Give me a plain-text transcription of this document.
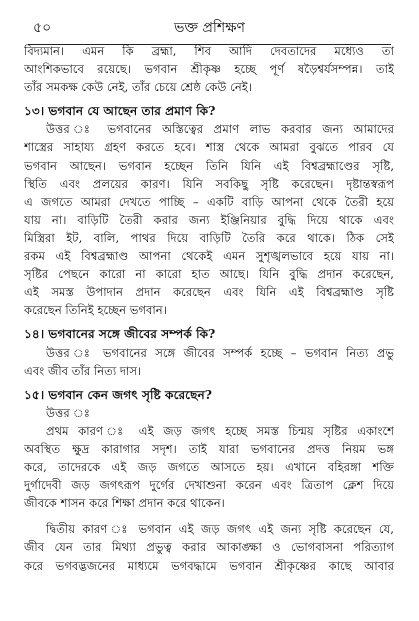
৫০	ভক্ত প্রশিক্ষণ
বিদ্যমান। এমন কি ব্রহ্মা, শিব আদি দেবতাদের মধ্যেও তা
আংশিকভাবে রয়েছে। ভগবান শ্রীকৃষ্ণ হচ্ছে পূর্ণ ষড়ৈশ্বর্যসম্পন্ন। তাই
তাঁর সমকক্ষ কেউ নেই, তাঁর চেয়ে শ্রেষ্ঠ কেউ নেই।
১৩। ভগবান যে আছেন তার প্রমাণ কি?
উত্তর ঃ ভগবানের অস্তিত্বের প্রমাণ লাভ করবার জন্য আমাদের
শাস্ত্রের সাহায্য গ্রহণ করতে হবে। শাস্ত্র থেকে আমরা বুঝতে পারব যে
ভগবান আছেন। ভগবান হচ্ছেন তিনি যিনি এই বিশ্বব্রহ্মাণ্ডের সৃষ্টি,
স্থিতি এবং প্রলয়ের কারণ। যিনি সবকিছু সৃষ্টি করেছেন। দৃষ্টান্তস্বরূপ
এ জগতে আমরা দেখতে পাচ্ছি – একটি বাড়ি আপনা থেকে তৈরী হয়ে
যায় না। বাড়িটি তৈরী করার জন্য ইঞ্জিনিয়ার বুদ্ধি দিয়ে থাকে এবং
মিস্ত্রিরা ইট, বালি, পাথর দিয়ে বাড়িটি তৈরি করে থাকে। ঠিক সেই
রকম এই বিশ্বব্রহ্মাণ্ড আপনা থেকেই এমন সুশৃঙ্খলভাবে হয়ে যায় না।
সৃষ্টির পেছনে কারো না কারো হাত আছে। যিনি বুদ্ধি প্রদান করেছেন,
এই সমস্ত উপাদান প্রদান করেছেন এবং যিনি এই বিশ্বব্রহ্মাণ্ড সৃষ্টি
করেছেন তিনিই হচ্ছেন ভগবান।
১৪। ভগবানের সঙ্গে জীবের সম্পর্ক কি?
উত্তর ঃ ভগবানের সঙ্গে জীবের সম্পর্ক হচ্ছে – ভগবান নিত্য প্রভু
এবং জীব তাঁর নিত্য দাস।
১৫। ভগবান কেন জগৎ সৃষ্টি করেছেন?
উত্তর ঃ
প্রথম কারণ ঃ এই জড় জগৎ হচ্ছে সমস্ত চিন্ময় সৃষ্টির একাংশে
অবস্থিত ক্ষুদ্র কারাগার সদৃশ। তাই যারা ভগবানের প্রদত্ত নিয়ম ভঙ্গ
করে, তাদেরকে এই জড় জগতে আসতে হয়। এখানে বহিরঙ্গা শক্তি
দুর্গাদেবী জড় জগৎরূপ দুর্গের দেখাশুনা করেন এবং ত্রিতাপ ক্লেশ দিয়ে
জীবকে শাসন করে শিক্ষা প্রদান করে থাকেন।
দ্বিতীয় কারণ ঃ ভগবান এই জড় জগৎ এই জন্য সৃষ্টি করেছেন যে,
জীব যেন তার মিথ্যা প্রভুত্ব করার আকাঙ্ক্ষা ও ভোগবাসনা পরিত্যাগ
করে ভগবদ্ভজনের মাধ্যমে ভগবদ্ধামে ভগবান শ্রীকৃষ্ণের কাছে আবার
